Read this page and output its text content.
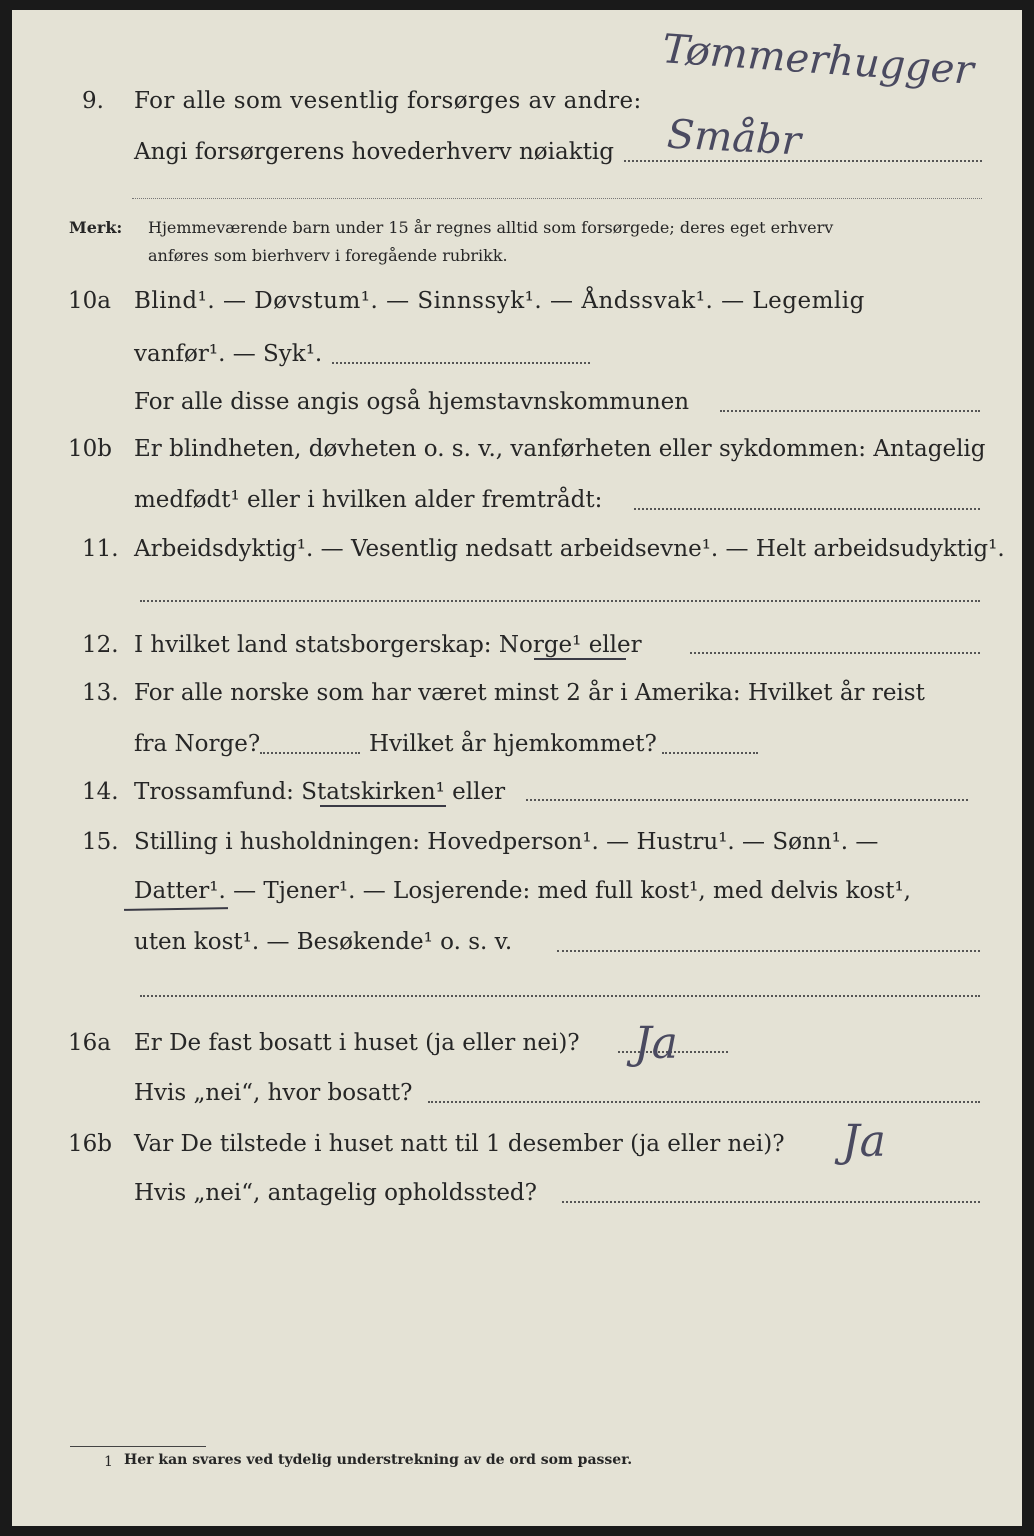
9. For alle som vesentlig forsørges av andre:
Tømmerhugger
Angi forsørgerens hovederhverv nøiaktig Småbr
Merk: Hjemmeværende barn under 15 år regnes alltid som forsørgede; deres eget erhverv
anføres som bierhverv i foregående rubrikk.
10a Blind¹. — Døvstum¹. — Sinnssyk¹. — Åndssvak¹. — Legemlig
vanfør¹. — Syk¹.
For alle disse angis også hjemstavnskommunen
10b Er blindheten, døvheten o. s. v., vanførheten eller sykdommen: Antagelig
medfødt¹ eller i hvilken alder fremtrådt:
11. Arbeidsdyktig¹. — Vesentlig nedsatt arbeidsevne¹. — Helt arbeidsudyktig¹.
12. I hvilket land statsborgerskap: Norge¹ eller
13. For alle norske som har været minst 2 år i Amerika: Hvilket år reist
fra Norge?	Hvilket år hjemkommet?
14. Trossamfund: Statskirken¹ eller
15. Stilling i husholdningen: Hovedperson¹. — Hustru¹. — Sønn¹. —
Datter¹. — Tjener¹. — Losjerende: med full kost¹, med delvis kost¹,
uten kost¹. — Besøkende¹ o. s. v.
16a Er De fast bosatt i huset (ja eller nei)? Ja
Hvis „nei“, hvor bosatt?
16b Var De tilstede i huset natt til 1 desember (ja eller nei)? Ja
Hvis „nei“, antagelig opholdssted?
1 Her kan svares ved tydelig understrekning av de ord som passer.
